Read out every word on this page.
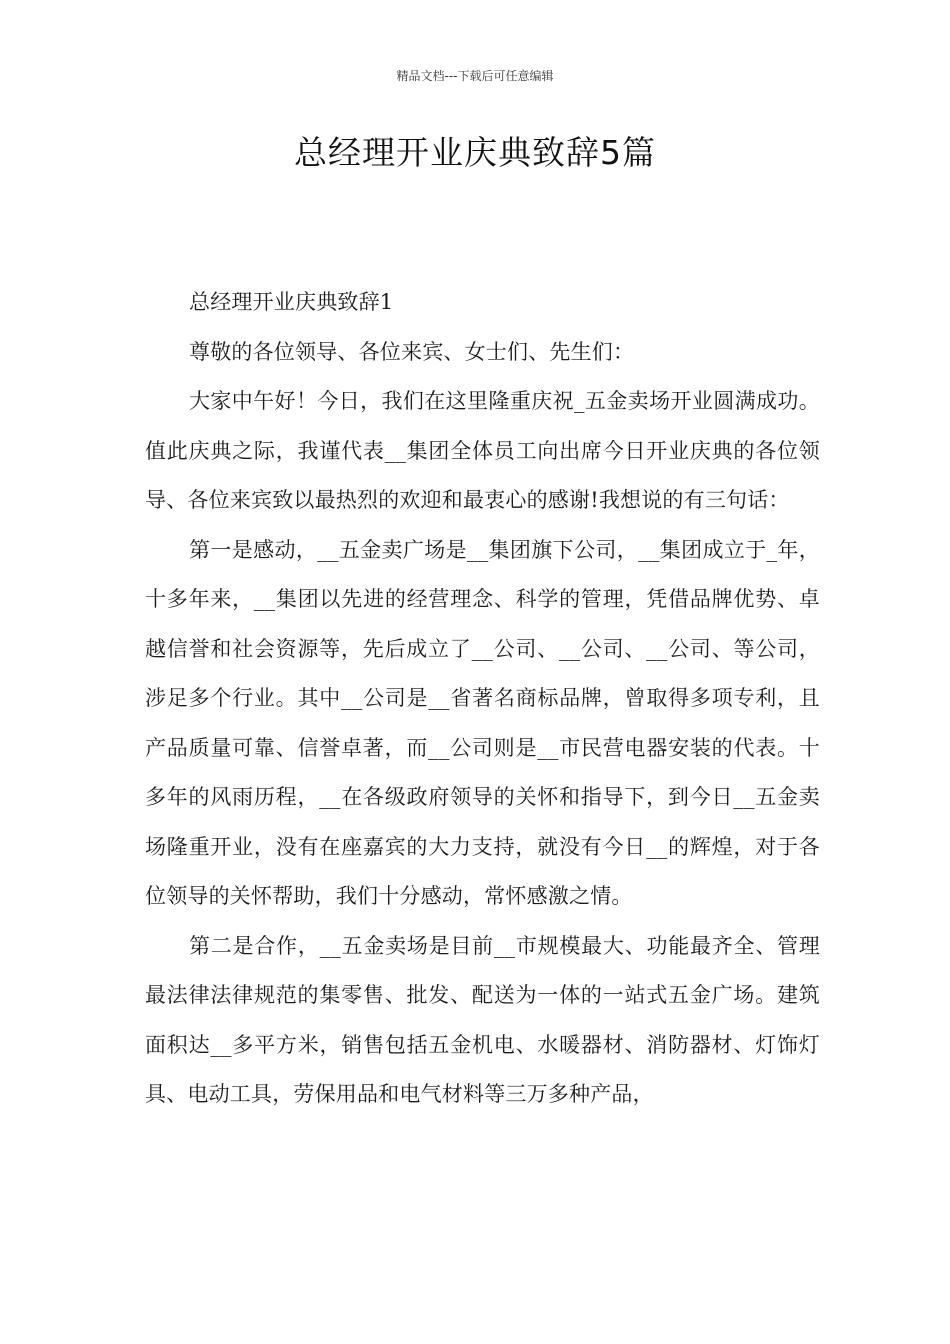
精品文档---下载后可任意编辑
总经理开业庆典致辞5篇

总经理开业庆典致辞1

尊敬的各位领导、各位来宾、女士们、先生们：

大家中午好！今日，我们在这里隆重庆祝_五金卖场开业圆满成功。值此庆典之际，我谨代表__集团全体员工向出席今日开业庆典的各位领导、各位来宾致以最热烈的欢迎和最衷心的感谢!我想说的有三句话：

第一是感动，__五金卖广场是__集团旗下公司，__集团成立于_年，十多年来，__集团以先进的经营理念、科学的管理，凭借品牌优势、卓越信誉和社会资源等，先后成立了__公司、__公司、__公司、等公司，涉足多个行业。其中__公司是__省著名商标品牌，曾取得多项专利，且产品质量可靠、信誉卓著，而__公司则是__市民营电器安装的代表。十多年的风雨历程，__在各级政府领导的关怀和指导下，到今日__五金卖场隆重开业，没有在座嘉宾的大力支持，就没有今日__的辉煌，对于各位领导的关怀帮助，我们十分感动，常怀感激之情。

第二是合作，__五金卖场是目前__市规模最大、功能最齐全、管理最法律法律规范的集零售、批发、配送为一体的一站式五金广场。建筑面积达__多平方米，销售包括五金机电、水暖器材、消防器材、灯饰灯具、电动工具，劳保用品和电气材料等三万多种产品，
